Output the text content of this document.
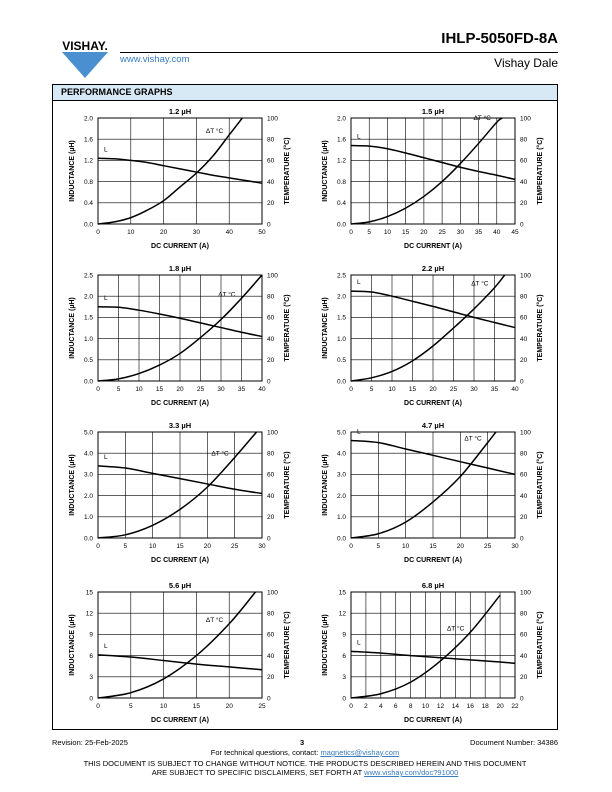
VISHAY.
www.vishay.com
IHLP-5050FD-8A
Vishay Dale
PERFORMANCE GRAPHS
1.2 µH
0	10	20	30	40	50
0.0
0.4
0.8
1.2
1.6
2.0
0
20
40
60
80
100
DC CURRENT (A)
INDUCTANCE (µH)	TEMPERATURE (°C)
L
ΔT °C
1.5 µH
0 5 10 15 20 25 30 35 40 45
0.0
0.4
0.8
1.2
1.6
2.0
0
20
40
60
80
100
DC CURRENT (A)
INDUCTANCE (µH)	TEMPERATURE (°C)
L
ΔT °C
1.8 µH
0	5 10 15 20 25 30 35 40
0.0
0.5
1.0
1.5
2.0
2.5
0
20
40
60
80
100
DC CURRENT (A)
INDUCTANCE (µH)	TEMPERATURE (°C)
L	ΔT °C
2.2 µH
0	5 10 15 20 25 30 35 40
0.0
0.5
1.0
1.5
2.0
2.5
0
20
40
60
80
100
DC CURRENT (A)
INDUCTANCE (µH)	TEMPERATURE (°C)
L	ΔT °C
3.3 µH
0	5	10	15	20	25	30
0.0
1.0
2.0
3.0
4.0
5.0
0
20
40
60
80
100
DC CURRENT (A)
INDUCTANCE (µH)	TEMPERATURE (°C)
L	ΔT °C
4.7 µH
0	5	10	15	20	25	30
0.0
1.0
2.0
3.0
4.0
5.0
0
20
40
60
80
100
DC CURRENT (A)
INDUCTANCE (µH)	TEMPERATURE (°C)
L
ΔT °C
5.6 µH
0	5	10	15	20	25
0
3
6
9
12
15
0
20
40
60
80
100
DC CURRENT (A)
INDUCTANCE (µH)	TEMPERATURE (°C)
L
ΔT °C
6.8 µH
0 2 4 6 8 10 12 14 16 18 20 22
0
3
6
9
12
15
0
20
40
60
80
100
DC CURRENT (A)
INDUCTANCE (µH)	TEMPERATURE (°C)
L
ΔT °C
Revision: 25-Feb-2025	3	Document Number: 34386
For technical questions, contact: magnetics@vishay.com
THIS DOCUMENT IS SUBJECT TO CHANGE WITHOUT NOTICE. THE PRODUCTS DESCRIBED HEREIN AND THIS DOCUMENT
ARE SUBJECT TO SPECIFIC DISCLAIMERS, SET FORTH AT www.vishay.com/doc?91000
